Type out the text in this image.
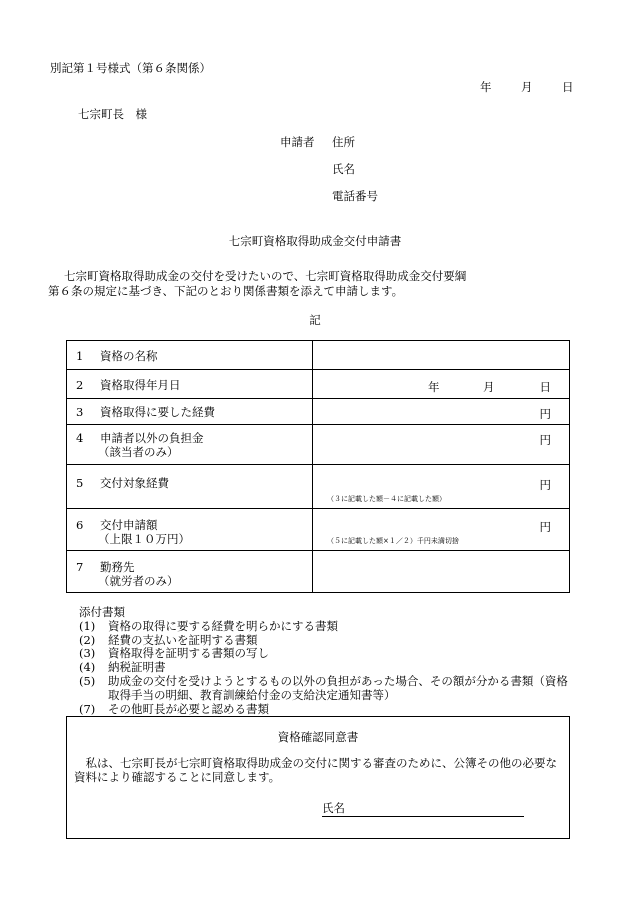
別記第１号様式（第６条関係）
年	月	日
七宗町長　様
申請者 住所
氏名
電話番号
七宗町資格取得助成金交付申請書
七宗町資格取得助成金の交付を受けたいので、七宗町資格取得助成金交付要綱
第６条の規定に基づき、下記のとおり関係書類を添えて申請します。
記
1 資格の名称	

2 資格取得年月日	年 月 日

3 資格取得に要した経費	円

4 申請者以外の負担金
（該当者のみ）	円

5 交付対象経費	円
（３に記載した額－４に記載した額）

6 交付申請額
（上限１０万円）	円
（５に記載した額×１／２）千円未満切捨

7 勤務先
（就労者のみ）	

添付書類
(1)	資格の取得に要する経費を明らかにする書類
(2)	経費の支払いを証明する書類
(3)	資格取得を証明する書類の写し
(4)	納税証明書
(5)	助成金の交付を受けようとするもの以外の負担があった場合、その額が分かる書類（資格取得手当の明細、教育訓練給付金の支給決定通知書等）
(7)	その他町長が必要と認める書類
資格確認同意書
私は、七宗町長が七宗町資格取得助成金の交付に関する審査のために、公簿その他の必要な資料により確認することに同意します。
氏名
